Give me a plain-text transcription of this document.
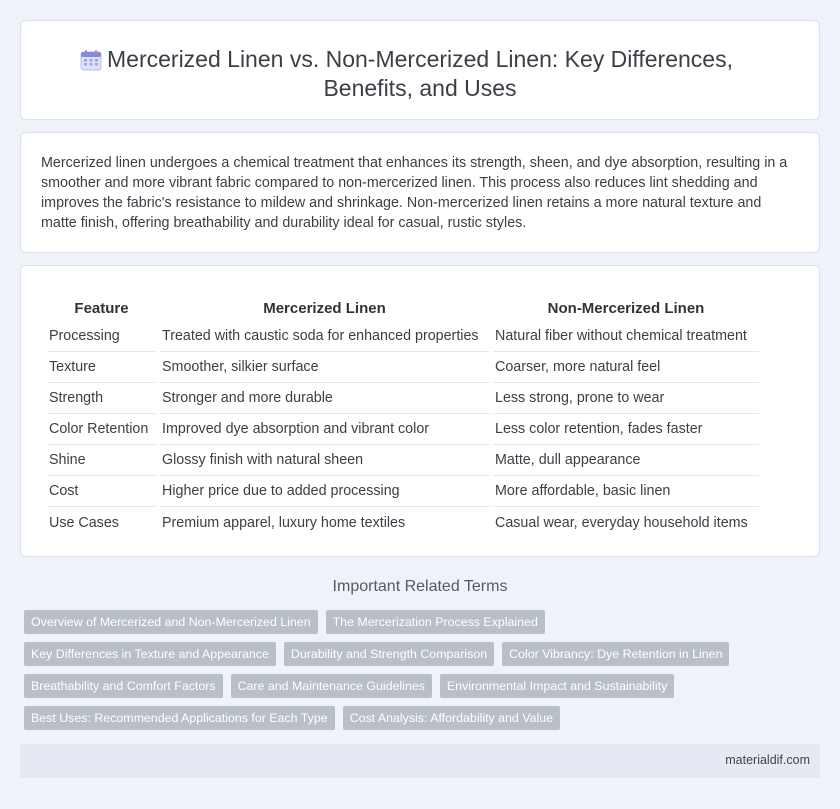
Mercerized Linen vs. Non-Mercerized Linen: Key Differences,
Benefits, and Uses

Mercerized linen undergoes a chemical treatment that enhances its strength, sheen, and dye absorption, resulting in a smoother and more vibrant fabric compared to non-mercerized linen. This process also reduces lint shedding and improves the fabric's resistance to mildew and shrinkage. Non-mercerized linen retains a more natural texture and matte finish, offering breathability and durability ideal for casual, rustic styles.

Feature	Mercerized Linen	Non-Mercerized Linen
Processing	Treated with caustic soda for enhanced properties	Natural fiber without chemical treatment
Texture	Smoother, silkier surface	Coarser, more natural feel
Strength	Stronger and more durable	Less strong, prone to wear
Color Retention	Improved dye absorption and vibrant color	Less color retention, fades faster
Shine	Glossy finish with natural sheen	Matte, dull appearance
Cost	Higher price due to added processing	More affordable, basic linen
Use Cases	Premium apparel, luxury home textiles	Casual wear, everyday household items
Important Related Terms
Overview of Mercerized and Non-Mercerized Linen	The Mercerization Process Explained
Key Differences in Texture and Appearance	Durability and Strength Comparison	Color Vibrancy: Dye Retention in Linen
Breathability and Comfort Factors	Care and Maintenance Guidelines	Environmental Impact and Sustainability
Best Uses: Recommended Applications for Each Type	Cost Analysis: Affordability and Value
materialdif.com
